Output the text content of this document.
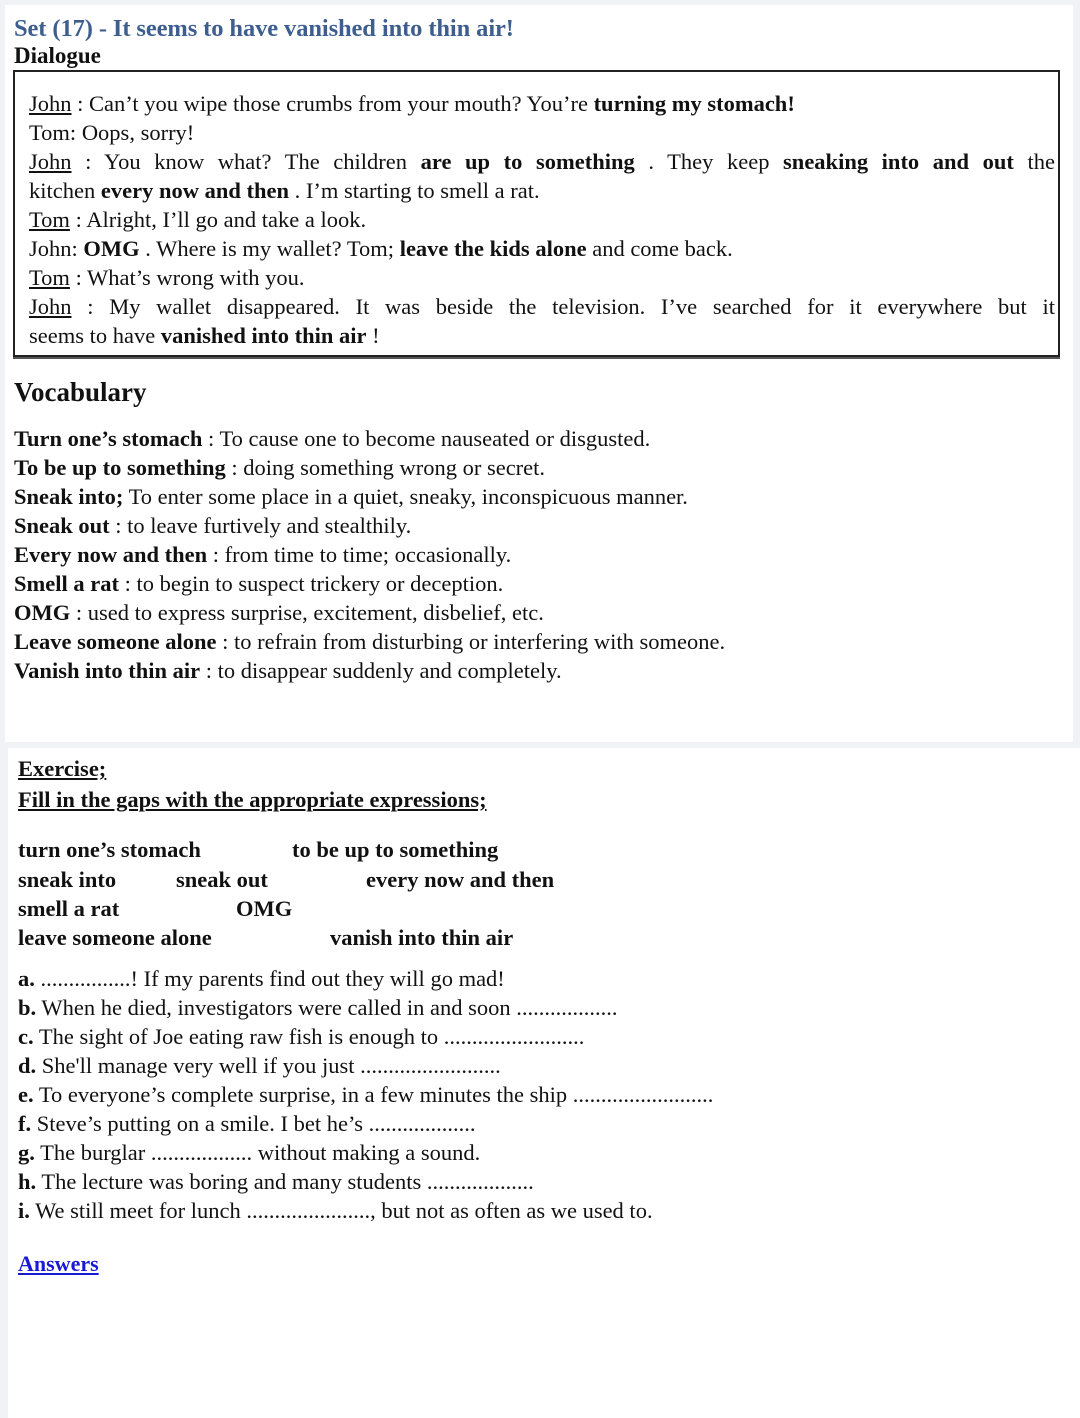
Set (17) - It seems to have vanished into thin air!
Dialogue
John : Can’t you wipe those crumbs from your mouth? You’re turning my stomach!
Tom: Oops, sorry!
John : You know what? The children are up to something . They keep sneaking into and out the
kitchen every now and then . I’m starting to smell a rat.
Tom : Alright, I’ll go and take a look.
John: OMG . Where is my wallet? Tom; leave the kids alone and come back.
Tom : What’s wrong with you.
John : My wallet disappeared. It was beside the television. I’ve searched for it everywhere but it
seems to have vanished into thin air !
Vocabulary
Turn one’s stomach : To cause one to become nauseated or disgusted.
To be up to something : doing something wrong or secret.
Sneak into; To enter some place in a quiet, sneaky, inconspicuous manner.
Sneak out : to leave furtively and stealthily.
Every now and then : from time to time; occasionally.
Smell a rat : to begin to suspect trickery or deception.
OMG : used to express surprise, excitement, disbelief, etc.
Leave someone alone : to refrain from disturbing or interfering with someone.
Vanish into thin air : to disappear suddenly and completely.
Exercise;
Fill in the gaps with the appropriate expressions;
turn one’s stomach	to be up to something
sneak into	sneak out	every now and then
smell a rat	OMG
leave someone alone	vanish into thin air
a. ................! If my parents find out they will go mad!
b. When he died, investigators were called in and soon ..................
c. The sight of Joe eating raw fish is enough to .........................
d. She'll manage very well if you just .........................
e. To everyone’s complete surprise, in a few minutes the ship .........................
f. Steve’s putting on a smile. I bet he’s ...................
g. The burglar .................. without making a sound.
h. The lecture was boring and many students ...................
i. We still meet for lunch ......................, but not as often as we used to.
Answers
